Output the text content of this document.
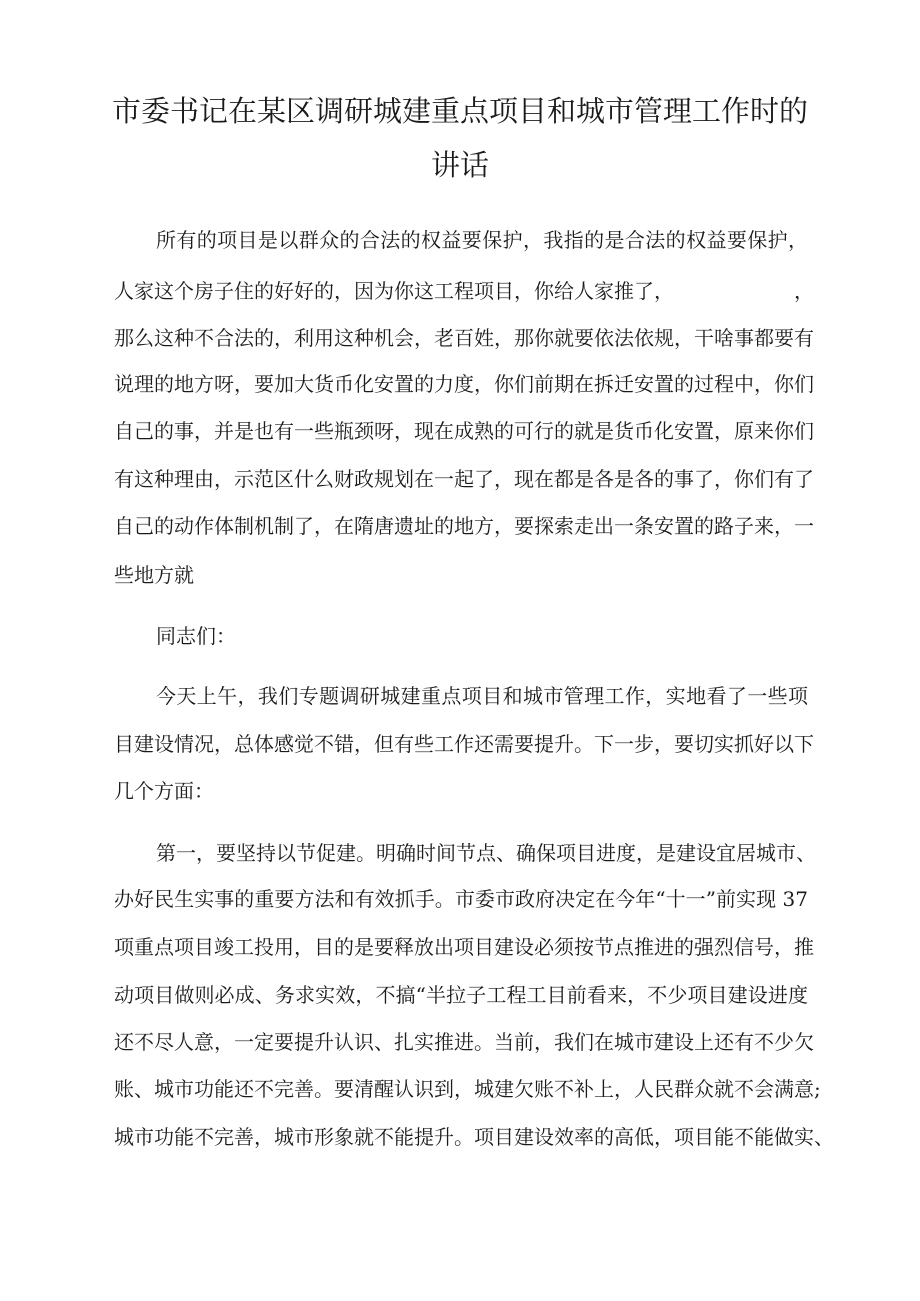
市委书记在某区调研城建重点项目和城市管理工作时的
讲话
所有的项目是以群众的合法的权益要保护，我指的是合法的权益要保护，
人家这个房子住的好好的，因为你这工程项目，你给人家推了，	，
那么这种不合法的，利用这种机会，老百姓，那你就要依法依规，干啥事都要有
说理的地方呀，要加大货币化安置的力度，你们前期在拆迁安置的过程中，你们
自己的事，并是也有一些瓶颈呀，现在成熟的可行的就是货币化安置，原来你们
有这种理由，示范区什么财政规划在一起了，现在都是各是各的事了，你们有了
自己的动作体制机制了，在隋唐遗址的地方，要探索走出一条安置的路子来，一
些地方就
同志们：
今天上午，我们专题调研城建重点项目和城市管理工作，实地看了一些项
目建设情况，总体感觉不错，但有些工作还需要提升。下一步，要切实抓好以下
几个方面：
第一，要坚持以节促建。明确时间节点、确保项目进度，是建设宜居城市、
办好民生实事的重要方法和有效抓手。市委市政府决定在今年“十一”前实现 37
项重点项目竣工投用，目的是要释放出项目建设必须按节点推进的强烈信号，推
动项目做则必成、务求实效，不搞“半拉子工程工目前看来，不少项目建设进度
还不尽人意，一定要提升认识、扎实推进。当前，我们在城市建设上还有不少欠
账、城市功能还不完善。要清醒认识到，城建欠账不补上，人民群众就不会满意;
城市功能不完善，城市形象就不能提升。项目建设效率的高低，项目能不能做实、
